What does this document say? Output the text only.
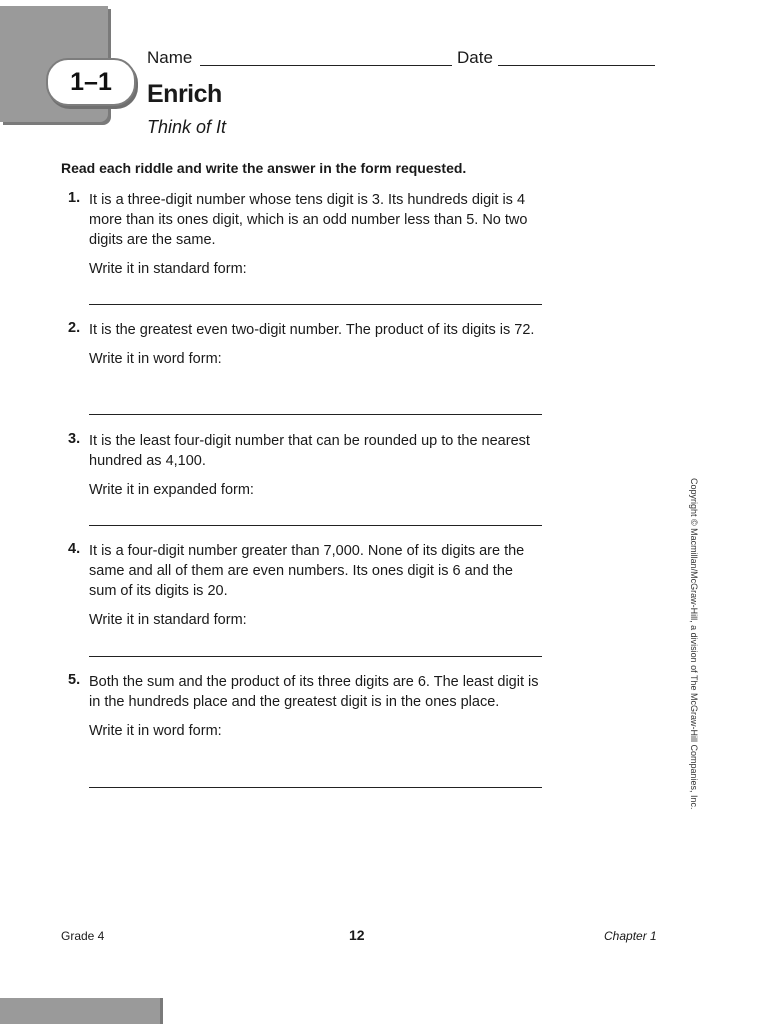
1–1
Name	Date
Enrich
Think of It
Read each riddle and write the answer in the form requested.
1. It is a three-digit number whose tens digit is 3. Its hundreds digit is 4 more than its ones digit, which is an odd number less than 5. No two digits are the same.
Write it in standard form:
2. It is the greatest even two-digit number. The product of its digits is 72.
Write it in word form:
3. It is the least four-digit number that can be rounded up to the nearest hundred as 4,100.
Write it in expanded form:
4. It is a four-digit number greater than 7,000. None of its digits are the same and all of them are even numbers. Its ones digit is 6 and the sum of its digits is 20.
Write it in standard form:
5. Both the sum and the product of its three digits are 6. The least digit is in the hundreds place and the greatest digit is in the ones place.
Write it in word form:	Copyright © Macmillan/McGraw-Hill, a division of The McGraw-Hill Companies, Inc.
Grade 4	12	Chapter 1
